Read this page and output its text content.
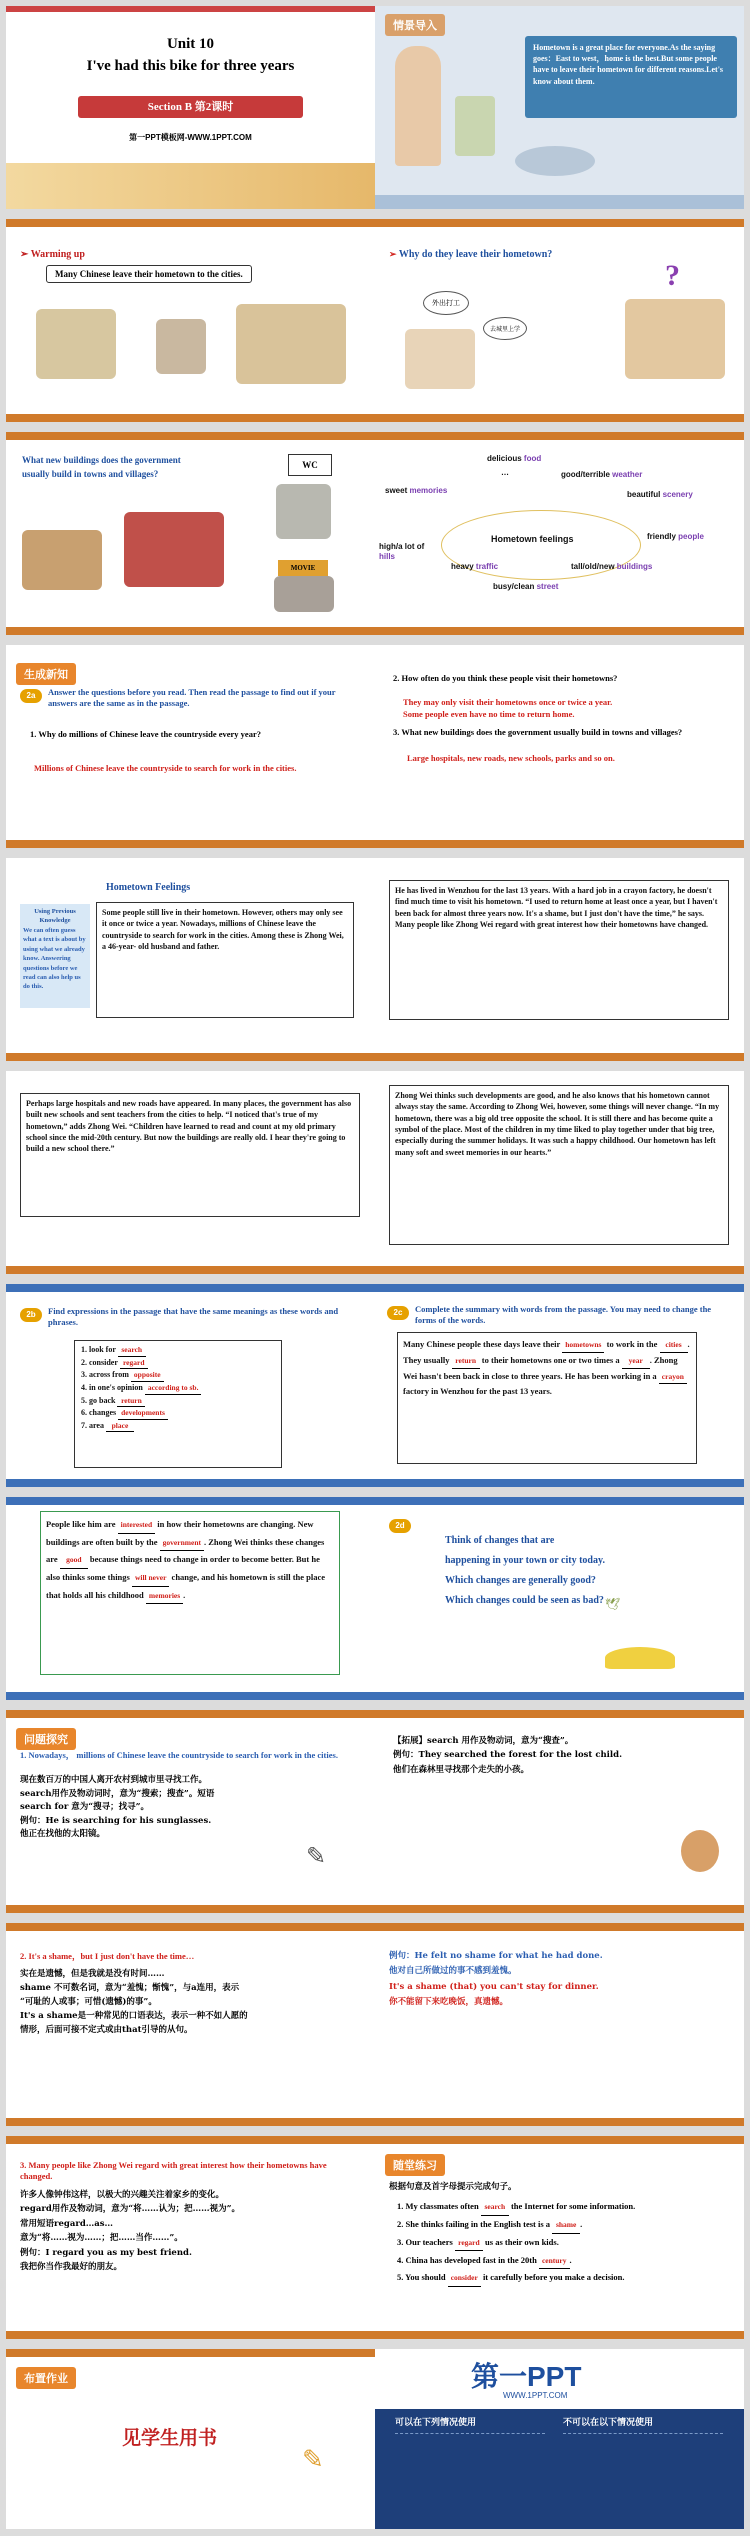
Unit 10
I've had this bike for three years
Section B 第2课时
第一PPT模板网-WWW.1PPT.COM
情景导入
Hometown is a great place for everyone.As the saying goes：East to west，home is the best.But some people have to leave their hometown for different reasons.Let's know about them.
➢ Warming up
Many Chinese leave their hometown to the cities.
➢ Why do they leave their hometown?
外出打工
去城里上学
?
What new buildings does the government usually build in towns and villages?
WC
MOVIE
Hometown feelings
delicious food
…	good/terrible weather
sweet memories	beautiful scenery
friendly people
high/a lot of hills
heavy traffic	tall/old/new buildings
busy/clean street
生成新知
2a	Answer the questions before you read. Then read the passage to find out if your answers are the same as in the passage.
1. Why do millions of Chinese leave the countryside every year?
Millions of Chinese leave the countryside to search for work in the cities.
2. How often do you think these people visit their hometowns?
They may only visit their hometowns once or twice a year.
Some people even have no time to return home.
3. What new buildings does the government usually build in towns and villages?
Large hospitals, new roads, new schools, parks and so on.
Hometown Feelings
Using Previous Knowledge
We can often guess what a text is about by using what we already know. Answering questions before we read can also help us do this.
Some people still live in their hometown. However, others may only see it once or twice a year. Nowadays, millions of Chinese leave the countryside to search for work in the cities. Among these is Zhong Wei, a 46-year- old husband and father.
He has lived in Wenzhou for the last 13 years. With a hard job in a crayon factory, he doesn't find much time to visit his hometown. “I used to return home at least once a year, but I haven't been back for almost three years now. It's a shame, but I just don't have the time,” he says. Many people like Zhong Wei regard with great interest how their hometowns have changed.
Perhaps large hospitals and new roads have appeared. In many places, the government has also built new schools and sent teachers from the cities to help. “I noticed that's true of my hometown,” adds Zhong Wei. “Children have learned to read and count at my old primary school since the mid-20th century. But now the buildings are really old. I hear they're going to build a new school there.”
Zhong Wei thinks such developments are good, and he also knows that his hometown cannot always stay the same. According to Zhong Wei, however, some things will never change. “In my hometown, there was a big old tree opposite the school. It is still there and has become quite a symbol of the place. Most of the children in my time liked to play together under that big tree, especially during the summer holidays. It was such a happy childhood. Our hometown has left many soft and sweet memories in our hearts.”
2b	Find expressions in the passage that have the same meanings as these words and phrases.
1. look for search
2. consider regard
3. across from opposite
4. in one's opinion according to sb.
5. go back return
6. changes developments
7. area place
2c	Complete the summary with words from the passage. You may need to change the forms of the words.
Many Chinese people these days leave their hometowns to work in the cities . They usually return to their hometowns one or two times a year . Zhong Wei hasn't been back in close to three years. He has been working in a crayon factory in Wenzhou for the past 13 years.
People like him are interested in how their hometowns are changing. New buildings are often built by the government . Zhong Wei thinks these changes are good because things need to change in order to become better. But he also thinks some things will never change, and his hometown is still the place that holds all his childhood memories .
2d
Think of changes that are
happening in your town or city today.
Which changes are generally good?
Which changes could be seen as bad? 🕊
问题探究
1. Nowadays， millions of Chinese leave the countryside to search for work in the cities.
现在数百万的中国人离开农村到城市里寻找工作。
search用作及物动词时，意为“搜索；搜查”。短语
search for 意为“搜寻；找寻”。
例句：He is searching for his sunglasses.
他正在找他的太阳镜。
✎
【拓展】search 用作及物动词，意为“搜查”。
例句：They searched the forest for the lost child.
他们在森林里寻找那个走失的小孩。
2. It's a shame，but I just don't have the time…
实在是遗憾，但是我就是没有时间……
shame 不可数名词，意为“羞愧；惭愧”，与a连用，表示
“可耻的人或事；可惜(遗憾)的事”。
It's a shame是一种常见的口语表达，表示一种不如人愿的
情形，后面可接不定式或由that引导的从句。
例句：He felt no shame for what he had done.
他对自己所做过的事不感到羞愧。
It's a shame (that) you can't stay for dinner.
你不能留下来吃晚饭，真遗憾。
3. Many people like Zhong Wei regard with great interest how their hometowns have changed.
许多人像钟伟这样，以极大的兴趣关注着家乡的变化。
regard用作及物动词，意为“将……认为；把……视为”。
常用短语regard…as…
意为“将……视为……；把……当作……”。
例句：I regard you as my best friend.
我把你当作我最好的朋友。
随堂练习
根据句意及首字母提示完成句子。
1. My classmates often search the Internet for some information.
2. She thinks failing in the English test is a shame .
3. Our teachers regard us as their own kids.
4. China has developed fast in the 20th century .
5. You should consider it carefully before you make a decision.
布置作业
见学生用书
✎
第一PPT
WWW.1PPT.COM
可以在下列情况使用	不可以在以下情况使用
